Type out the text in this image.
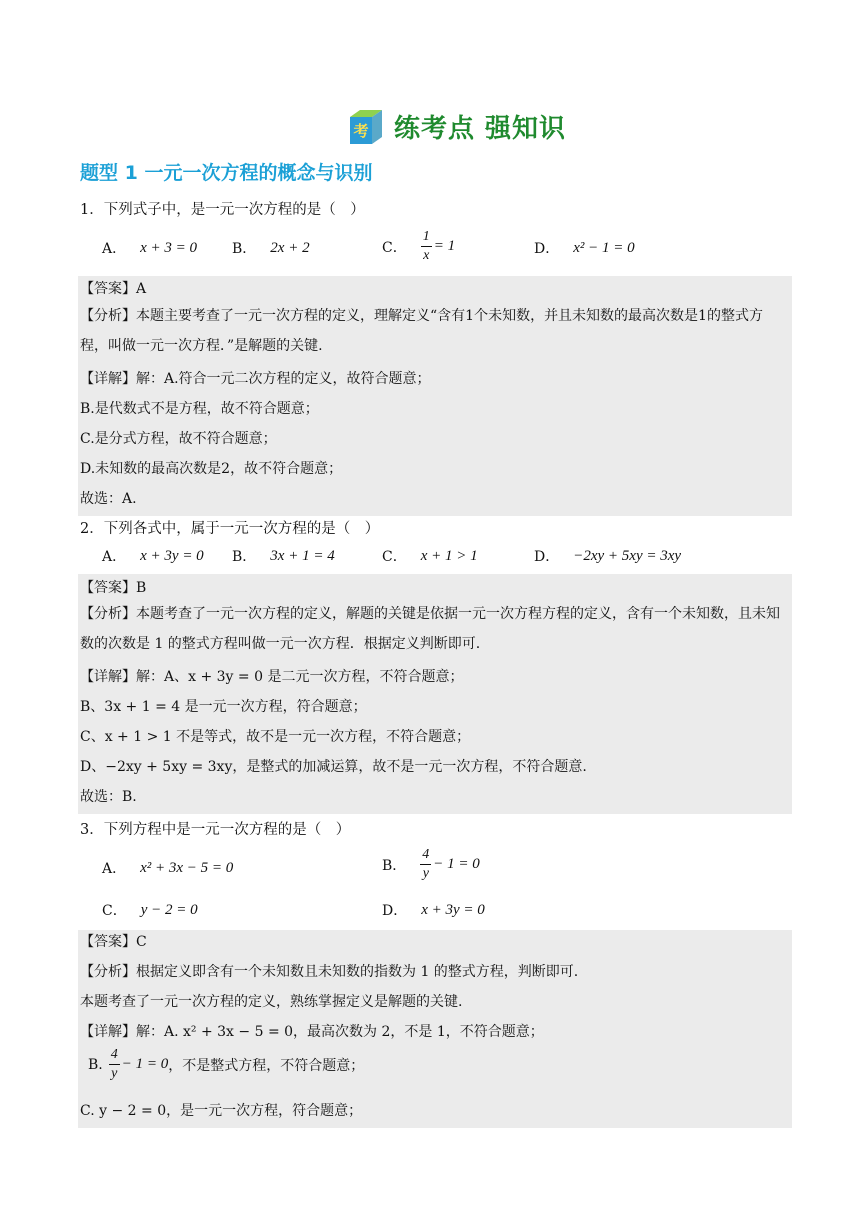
考 练考点 强知识
题型 1 一元一次方程的概念与识别
1．下列式子中，是一元一次方程的是（　）
A． x + 3 = 0 B． 2x + 2	C． $\frac{1}{x} = 1$	D． x² − 1 = 0
【答案】A
【分析】本题主要考查了一元一次方程的定义，理解定义“含有1个未知数，并且未知数的最高次数是1的整式方程，叫做一元一次方程．”是解题的关键.
【详解】解：A.符合一元二次方程的定义，故符合题意；
B.是代数式不是方程，故不符合题意；
C.是分式方程，故不符合题意；
D.未知数的最高次数是2，故不符合题意；
故选：A.
2．下列各式中，属于一元一次方程的是（　）
A． x + 3y = 0 B． 3x + 1 = 4	C． x + 1 > 1	D． −2xy + 5xy = 3xy
【答案】B
【分析】本题考查了一元一次方程的定义，解题的关键是依据一元一次方程方程的定义，含有一个未知数，且未知数的次数是 1 的整式方程叫做一元一次方程．根据定义判断即可.
【详解】解：A、x + 3y = 0 是二元一次方程，不符合题意；
B、3x + 1 = 4 是一元一次方程，符合题意；
C、x + 1 > 1 不是等式，故不是一元一次方程，不符合题意；
D、−2xy + 5xy = 3xy，是整式的加减运算，故不是一元一次方程，不符合题意.
故选：B.
3．下列方程中是一元一次方程的是（　）
A． x² + 3x − 5 = 0	B． $\frac{4}{y} - 1 = 0$
C． y − 2 = 0	D． x + 3y = 0
【答案】C
【分析】根据定义即含有一个未知数且未知数的指数为 1 的整式方程，判断即可.
本题考查了一元一次方程的定义，熟练掌握定义是解题的关键.
【详解】解：A. x² + 3x − 5 = 0，最高次数为 2，不是 1，不符合题意；
B. $\frac{4}{y} - 1 = 0$ ，不是整式方程，不符合题意；
C. y − 2 = 0，是一元一次方程，符合题意；
